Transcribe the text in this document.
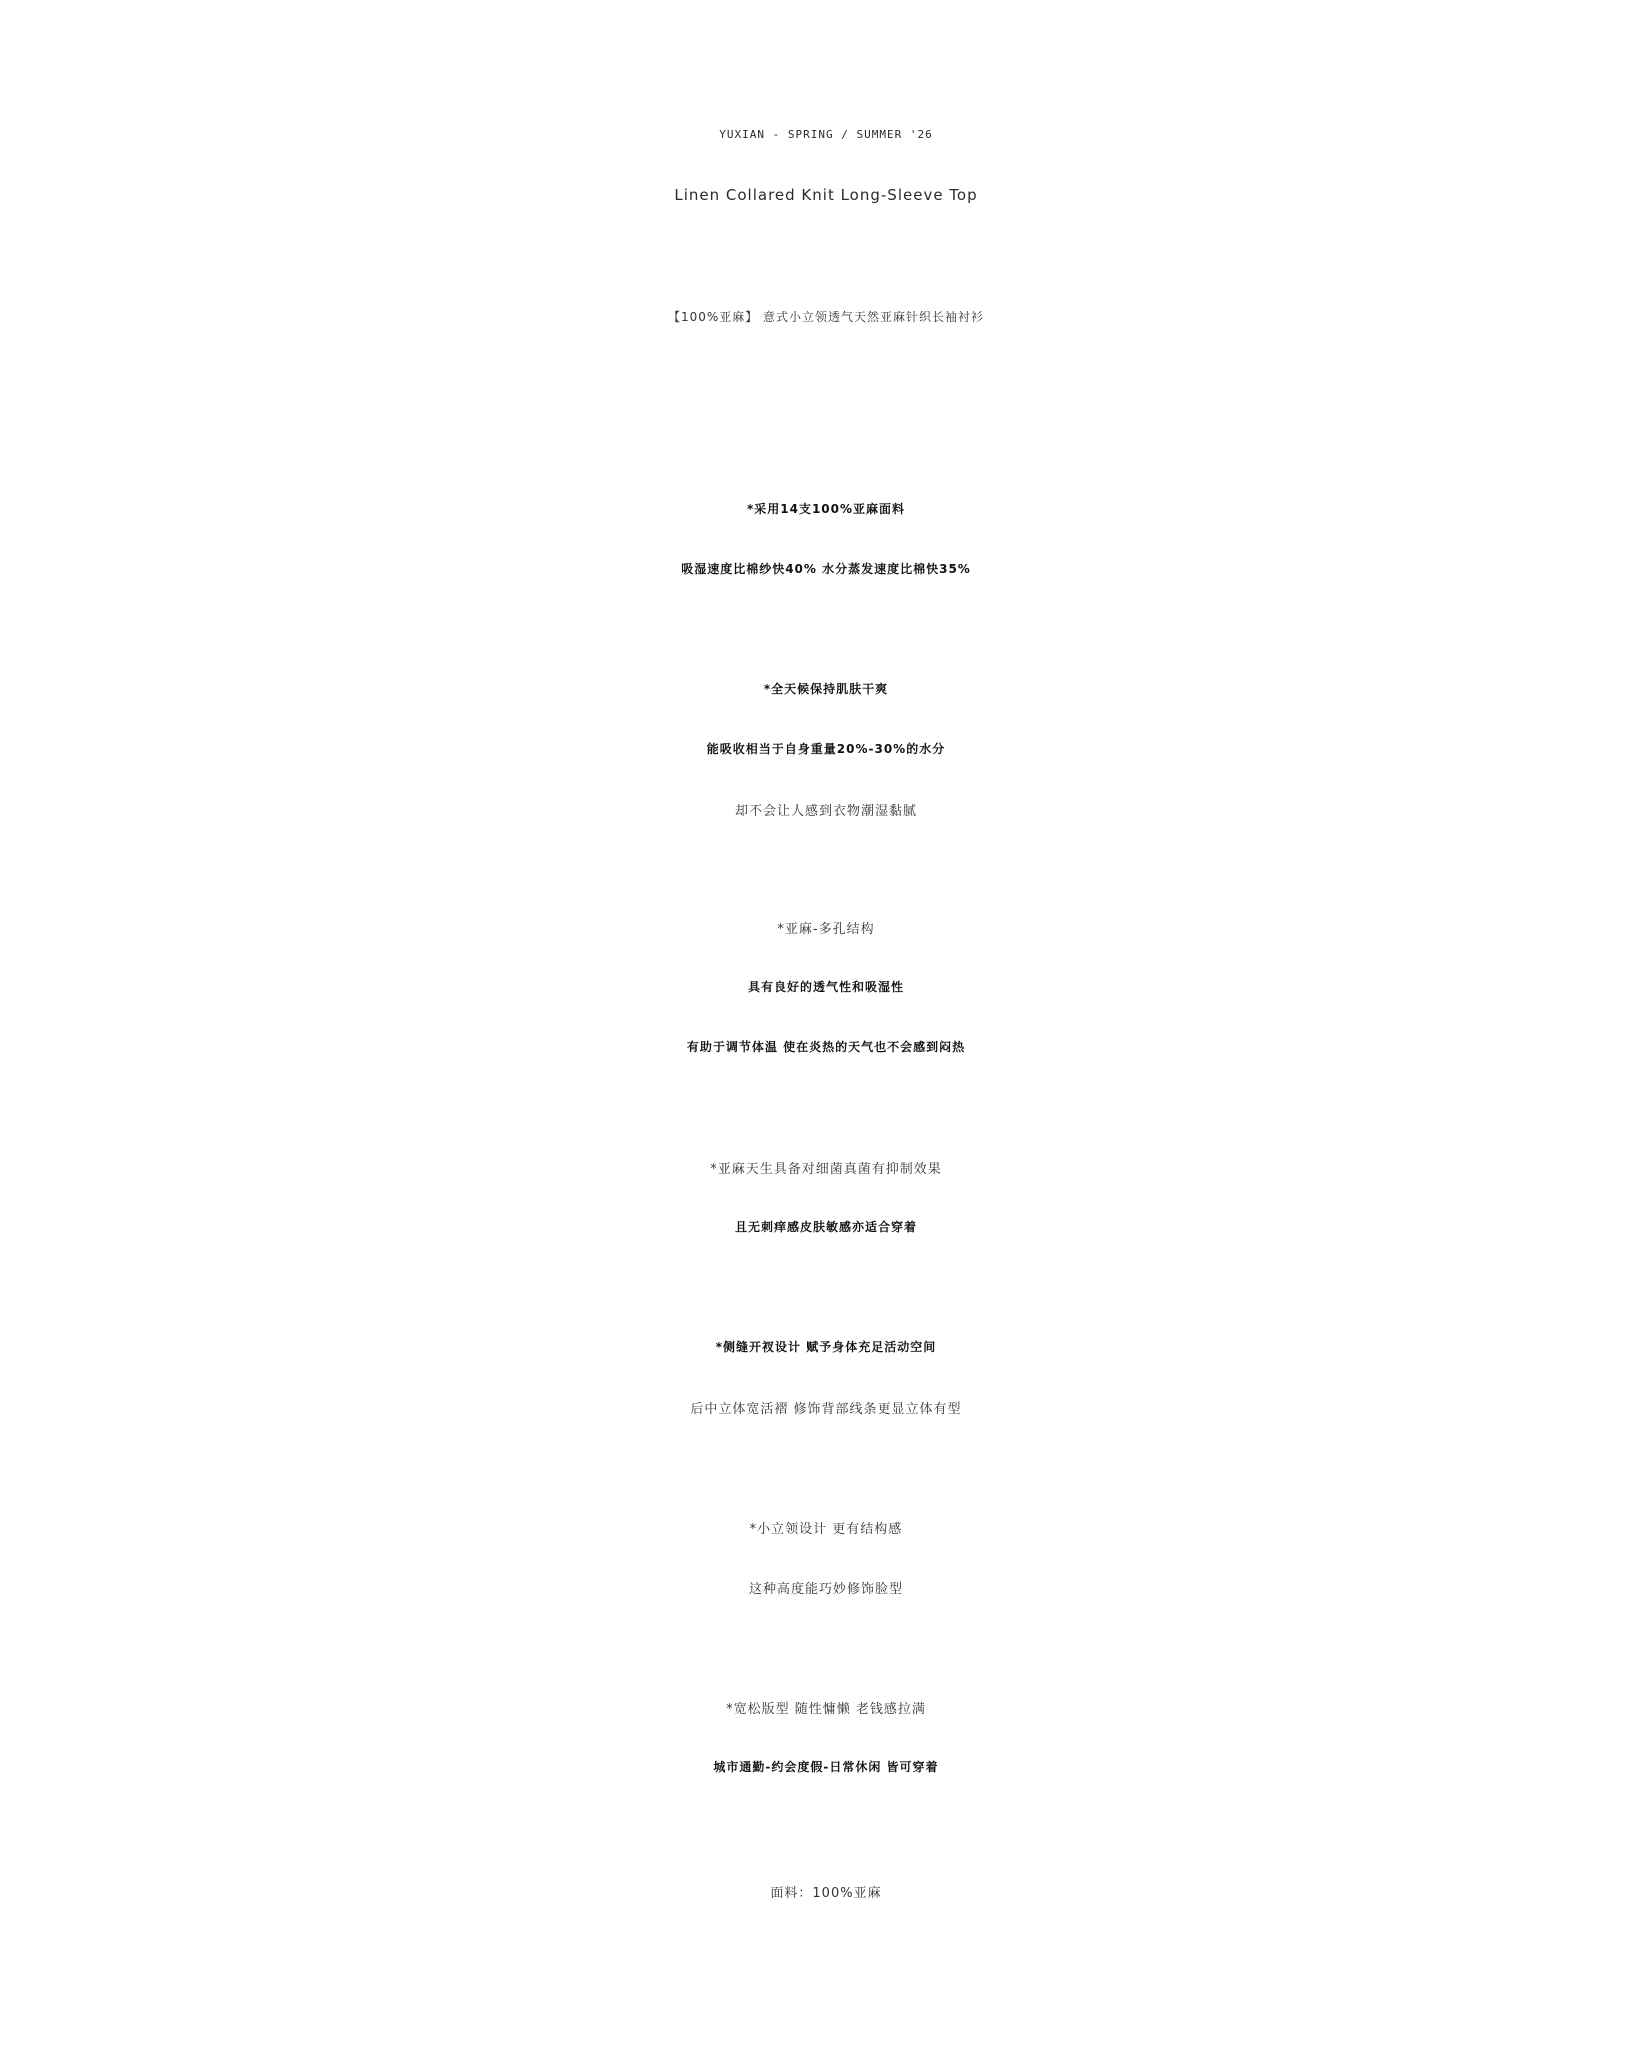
YUXIAN - SPRING / SUMMER '26
Linen Collared Knit Long-Sleeve Top
【100%亚麻】 意式小立领透气天然亚麻针织长袖衬衫
*采用14支100%亚麻面料
吸湿速度比棉纱快40% 水分蒸发速度比棉快35%
*全天候保持肌肤干爽
能吸收相当于自身重量20%-30%的水分
却不会让人感到衣物潮湿黏腻
*亚麻-多孔结构
具有良好的透气性和吸湿性
有助于调节体温 使在炎热的天气也不会感到闷热
*亚麻天生具备对细菌真菌有抑制效果
且无刺痒感皮肤敏感亦适合穿着
*侧缝开衩设计 赋予身体充足活动空间
后中立体宽活褶 修饰背部线条更显立体有型
*小立领设计 更有结构感
这种高度能巧妙修饰脸型
*宽松版型 随性慵懒 老钱感拉满
城市通勤-约会度假-日常休闲 皆可穿着
面料：100%亚麻
